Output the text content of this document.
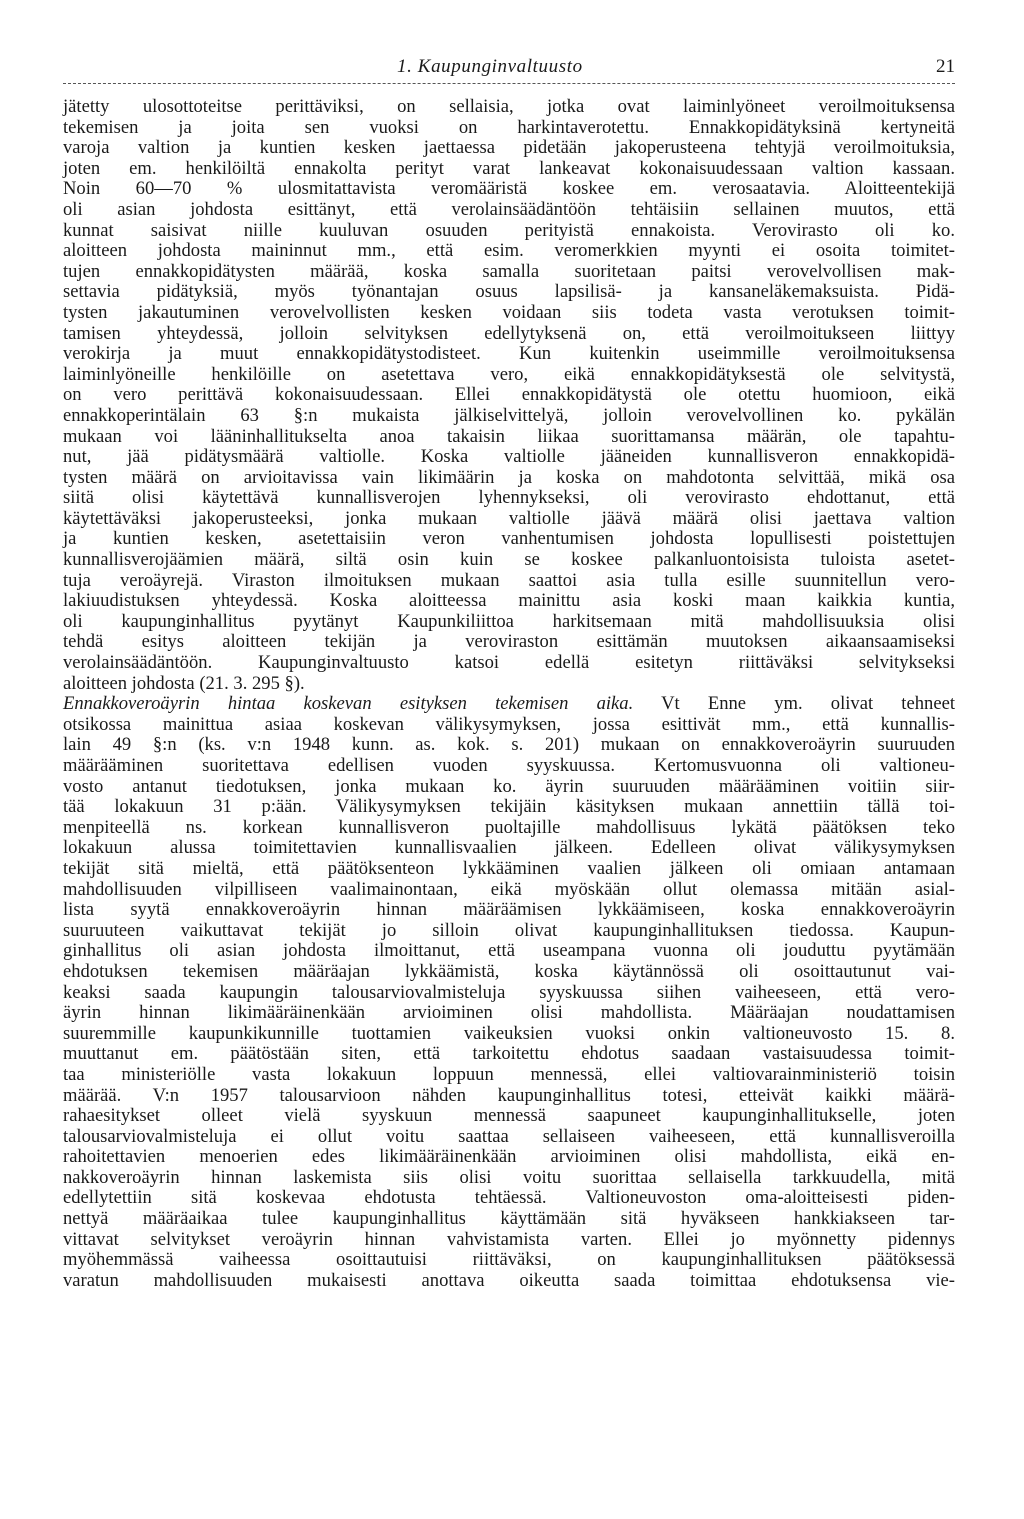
1. Kaupunginvaltuusto	21
jätetty ulosottoteitse perittäviksi, on sellaisia, jotka ovat laiminlyöneet veroilmoituksensa
tekemisen ja joita sen vuoksi on harkintaverotettu. Ennakkopidätyksinä kertyneitä
varoja valtion ja kuntien kesken jaettaessa pidetään jakoperusteena tehtyjä veroilmoituksia,
joten em. henkilöiltä ennakolta perityt varat lankeavat kokonaisuudessaan valtion kassaan.
Noin 60—70 % ulosmitattavista veromääristä koskee em. verosaatavia. Aloitteentekijä
oli asian johdosta esittänyt, että verolainsäädäntöön tehtäisiin sellainen muutos, että
kunnat saisivat niille kuuluvan osuuden perityistä ennakoista. Verovirasto oli ko.
aloitteen johdosta maininnut mm., että esim. veromerkkien myynti ei osoita toimitet-
tujen ennakkopidätysten määrää, koska samalla suoritetaan paitsi verovelvollisen mak-
settavia pidätyksiä, myös työnantajan osuus lapsilisä- ja kansaneläkemaksuista. Pidä-
tysten jakautuminen verovelvollisten kesken voidaan siis todeta vasta verotuksen toimit-
tamisen yhteydessä, jolloin selvityksen edellytyksenä on, että veroilmoitukseen liittyy
verokirja ja muut ennakkopidätystodisteet. Kun kuitenkin useimmille veroilmoituksensa
laiminlyöneille henkilöille on asetettava vero, eikä ennakkopidätyksestä ole selvitystä,
on vero perittävä kokonaisuudessaan. Ellei ennakkopidätystä ole otettu huomioon, eikä
ennakkoperintälain 63 §:n mukaista jälkiselvittelyä, jolloin verovelvollinen ko. pykälän
mukaan voi lääninhallitukselta anoa takaisin liikaa suorittamansa määrän, ole tapahtu-
nut, jää pidätysmäärä valtiolle. Koska valtiolle jääneiden kunnallisveron ennakkopidä-
tysten määrä on arvioitavissa vain likimäärin ja koska on mahdotonta selvittää, mikä osa
siitä olisi käytettävä kunnallisverojen lyhennykseksi, oli verovirasto ehdottanut, että
käytettäväksi jakoperusteeksi, jonka mukaan valtiolle jäävä määrä olisi jaettava valtion
ja kuntien kesken, asetettaisiin veron vanhentumisen johdosta lopullisesti poistettujen
kunnallisverojäämien määrä, siltä osin kuin se koskee palkanluontoisista tuloista asetet-
tuja veroäyrejä. Viraston ilmoituksen mukaan saattoi asia tulla esille suunnitellun vero-
lakiuudistuksen yhteydessä. Koska aloitteessa mainittu asia koski maan kaikkia kuntia,
oli kaupunginhallitus pyytänyt Kaupunkiliittoa harkitsemaan mitä mahdollisuuksia olisi
tehdä esitys aloitteen tekijän ja veroviraston esittämän muutoksen aikaansaamiseksi
verolainsäädäntöön. Kaupunginvaltuusto katsoi edellä esitetyn riittäväksi selvitykseksi
aloitteen johdosta (21. 3. 295 §).
Ennakkoveroäyrin hintaa koskevan esityksen tekemisen aika. Vt Enne ym. olivat tehneet
otsikossa mainittua asiaa koskevan välikysymyksen, jossa esittivät mm., että kunnallis-
lain 49 §:n (ks. v:n 1948 kunn. as. kok. s. 201) mukaan on ennakkoveroäyrin suuruuden
määrääminen suoritettava edellisen vuoden syyskuussa. Kertomusvuonna oli valtioneu-
vosto antanut tiedotuksen, jonka mukaan ko. äyrin suuruuden määrääminen voitiin siir-
tää lokakuun 31 p:ään. Välikysymyksen tekijäin käsityksen mukaan annettiin tällä toi-
menpiteellä ns. korkean kunnallisveron puoltajille mahdollisuus lykätä päätöksen teko
lokakuun alussa toimitettavien kunnallisvaalien jälkeen. Edelleen olivat välikysymyksen
tekijät sitä mieltä, että päätöksenteon lykkääminen vaalien jälkeen oli omiaan antamaan
mahdollisuuden vilpilliseen vaalimainontaan, eikä myöskään ollut olemassa mitään asial-
lista syytä ennakkoveroäyrin hinnan määräämisen lykkäämiseen, koska ennakkoveroäyrin
suuruuteen vaikuttavat tekijät jo silloin olivat kaupunginhallituksen tiedossa. Kaupun-
ginhallitus oli asian johdosta ilmoittanut, että useampana vuonna oli jouduttu pyytämään
ehdotuksen tekemisen määräajan lykkäämistä, koska käytännössä oli osoittautunut vai-
keaksi saada kaupungin talousarviovalmisteluja syyskuussa siihen vaiheeseen, että vero-
äyrin hinnan likimääräinenkään arvioiminen olisi mahdollista. Määräajan noudattamisen
suuremmille kaupunkikunnille tuottamien vaikeuksien vuoksi onkin valtioneuvosto 15. 8.
muuttanut em. päätöstään siten, että tarkoitettu ehdotus saadaan vastaisuudessa toimit-
taa ministeriölle vasta lokakuun loppuun mennessä, ellei valtiovarainministeriö toisin
määrää. V:n 1957 talousarvioon nähden kaupunginhallitus totesi, etteivät kaikki määrä-
rahaesitykset olleet vielä syyskuun mennessä saapuneet kaupunginhallitukselle, joten
talousarviovalmisteluja ei ollut voitu saattaa sellaiseen vaiheeseen, että kunnallisveroilla
rahoitettavien menoerien edes likimääräinenkään arvioiminen olisi mahdollista, eikä en-
nakkoveroäyrin hinnan laskemista siis olisi voitu suorittaa sellaisella tarkkuudella, mitä
edellytettiin sitä koskevaa ehdotusta tehtäessä. Valtioneuvoston oma-aloitteisesti piden-
nettyä määräaikaa tulee kaupunginhallitus käyttämään sitä hyväkseen hankkiakseen tar-
vittavat selvitykset veroäyrin hinnan vahvistamista varten. Ellei jo myönnetty pidennys
myöhemmässä vaiheessa osoittautuisi riittäväksi, on kaupunginhallituksen päätöksessä
varatun mahdollisuuden mukaisesti anottava oikeutta saada toimittaa ehdotuksensa vie-
